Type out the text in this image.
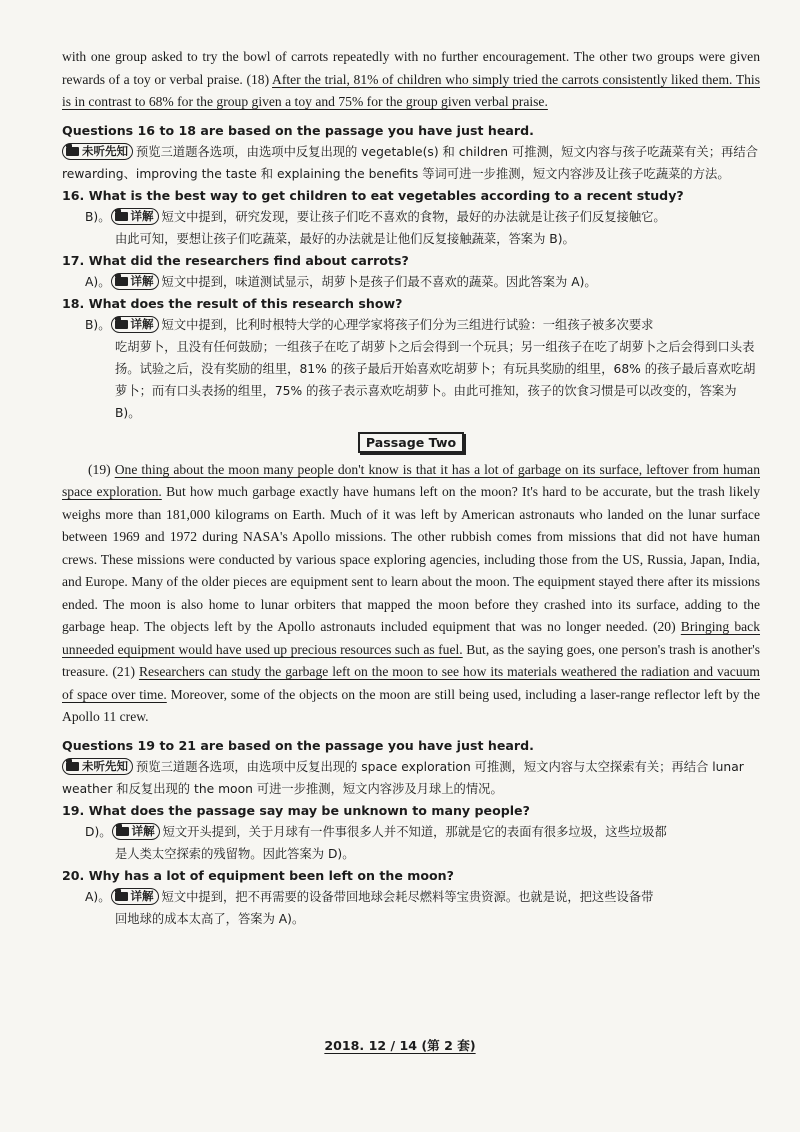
with one group asked to try the bowl of carrots repeatedly with no further encouragement. The other two groups were given rewards of a toy or verbal praise. (18) After the trial, 81% of children who simply tried the carrots consistently liked them. This is in contrast to 68% for the group given a toy and 75% for the group given verbal praise.

Questions 16 to 18 are based on the passage you have just heard.

未听先知 预览三道题各选项，由选项中反复出现的 vegetable(s) 和 children 可推测，短文内容与孩子吃蔬菜有关；再结合 rewarding、improving the taste 和 explaining the benefits 等词可进一步推测，短文内容涉及让孩子吃蔬菜的方法。

16. What is the best way to get children to eat vegetables according to a recent study?

B)。 详解 短文中提到，研究发现，要让孩子们吃不喜欢的食物，最好的办法就是让孩子们反复接触它。

由此可知，要想让孩子们吃蔬菜，最好的办法就是让他们反复接触蔬菜，答案为 B)。

17. What did the researchers find about carrots?

A)。 详解 短文中提到，味道测试显示，胡萝卜是孩子们最不喜欢的蔬菜。因此答案为 A)。

18. What does the result of this research show?

B)。 详解 短文中提到，比利时根特大学的心理学家将孩子们分为三组进行试验：一组孩子被多次要求

吃胡萝卜，且没有任何鼓励；一组孩子在吃了胡萝卜之后会得到一个玩具；另一组孩子在吃了胡萝卜之后会得到口头表扬。试验之后，没有奖励的组里，81% 的孩子最后开始喜欢吃胡萝卜；有玩具奖励的组里，68% 的孩子最后喜欢吃胡萝卜；而有口头表扬的组里，75% 的孩子表示喜欢吃胡萝卜。由此可推知，孩子的饮食习惯是可以改变的，答案为 B)。

Passage Two

(19) One thing about the moon many people don't know is that it has a lot of garbage on its surface, leftover from human space exploration. But how much garbage exactly have humans left on the moon? It's hard to be accurate, but the trash likely weighs more than 181,000 kilograms on Earth. Much of it was left by American astronauts who landed on the lunar surface between 1969 and 1972 during NASA's Apollo missions. The other rubbish comes from missions that did not have human crews. These missions were conducted by various space exploring agencies, including those from the US, Russia, Japan, India, and Europe. Many of the older pieces are equipment sent to learn about the moon. The equipment stayed there after its missions ended. The moon is also home to lunar orbiters that mapped the moon before they crashed into its surface, adding to the garbage heap. The objects left by the Apollo astronauts included equipment that was no longer needed. (20) Bringing back unneeded equipment would have used up precious resources such as fuel. But, as the saying goes, one person's trash is another's treasure. (21) Researchers can study the garbage left on the moon to see how its materials weathered the radiation and vacuum of space over time. Moreover, some of the objects on the moon are still being used, including a laser-range reflector left by the Apollo 11 crew.

Questions 19 to 21 are based on the passage you have just heard.

未听先知 预览三道题各选项，由选项中反复出现的 space exploration 可推测，短文内容与太空探索有关；再结合 lunar weather 和反复出现的 the moon 可进一步推测，短文内容涉及月球上的情况。

19. What does the passage say may be unknown to many people?

D)。 详解 短文开头提到，关于月球有一件事很多人并不知道，那就是它的表面有很多垃圾，这些垃圾都

是人类太空探索的残留物。因此答案为 D)。

20. Why has a lot of equipment been left on the moon?

A)。 详解 短文中提到，把不再需要的设备带回地球会耗尽燃料等宝贵资源。也就是说，把这些设备带

回地球的成本太高了，答案为 A)。

2018. 12 / 14 (第 2 套)
